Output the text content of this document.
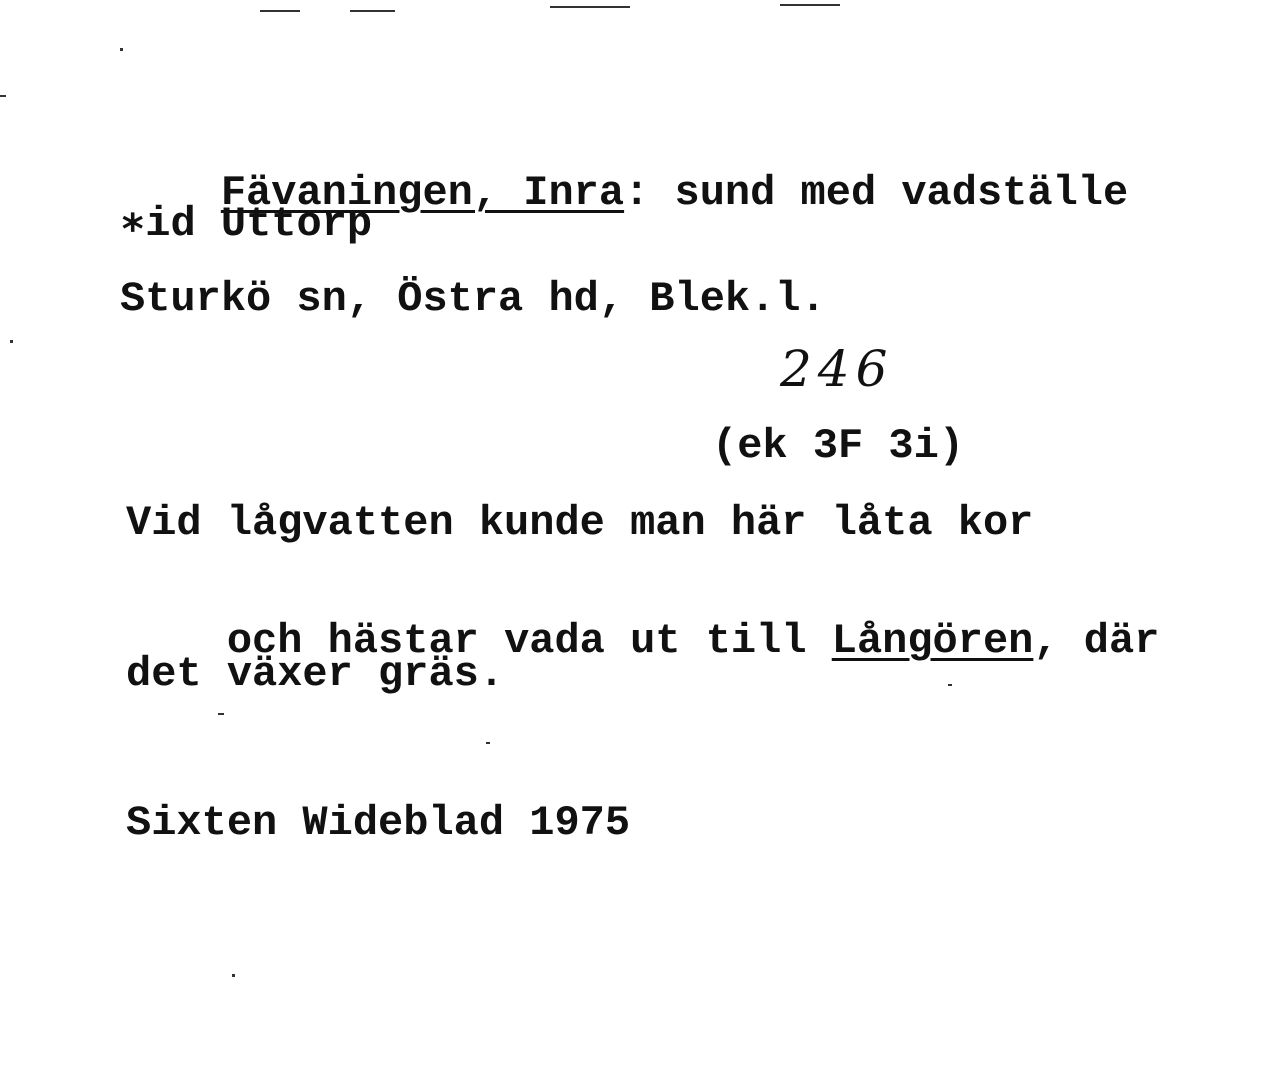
Fävaningen, Inra: sund med vadställe

∗id Uttorp
Sturkö sn, Östra hd, Blek.l.
246
(ek 3F 3i)
Vid lågvatten kunde man här låta kor

och hästar vada ut till Långören, där

det växer gräs.
Sixten Wideblad 1975
